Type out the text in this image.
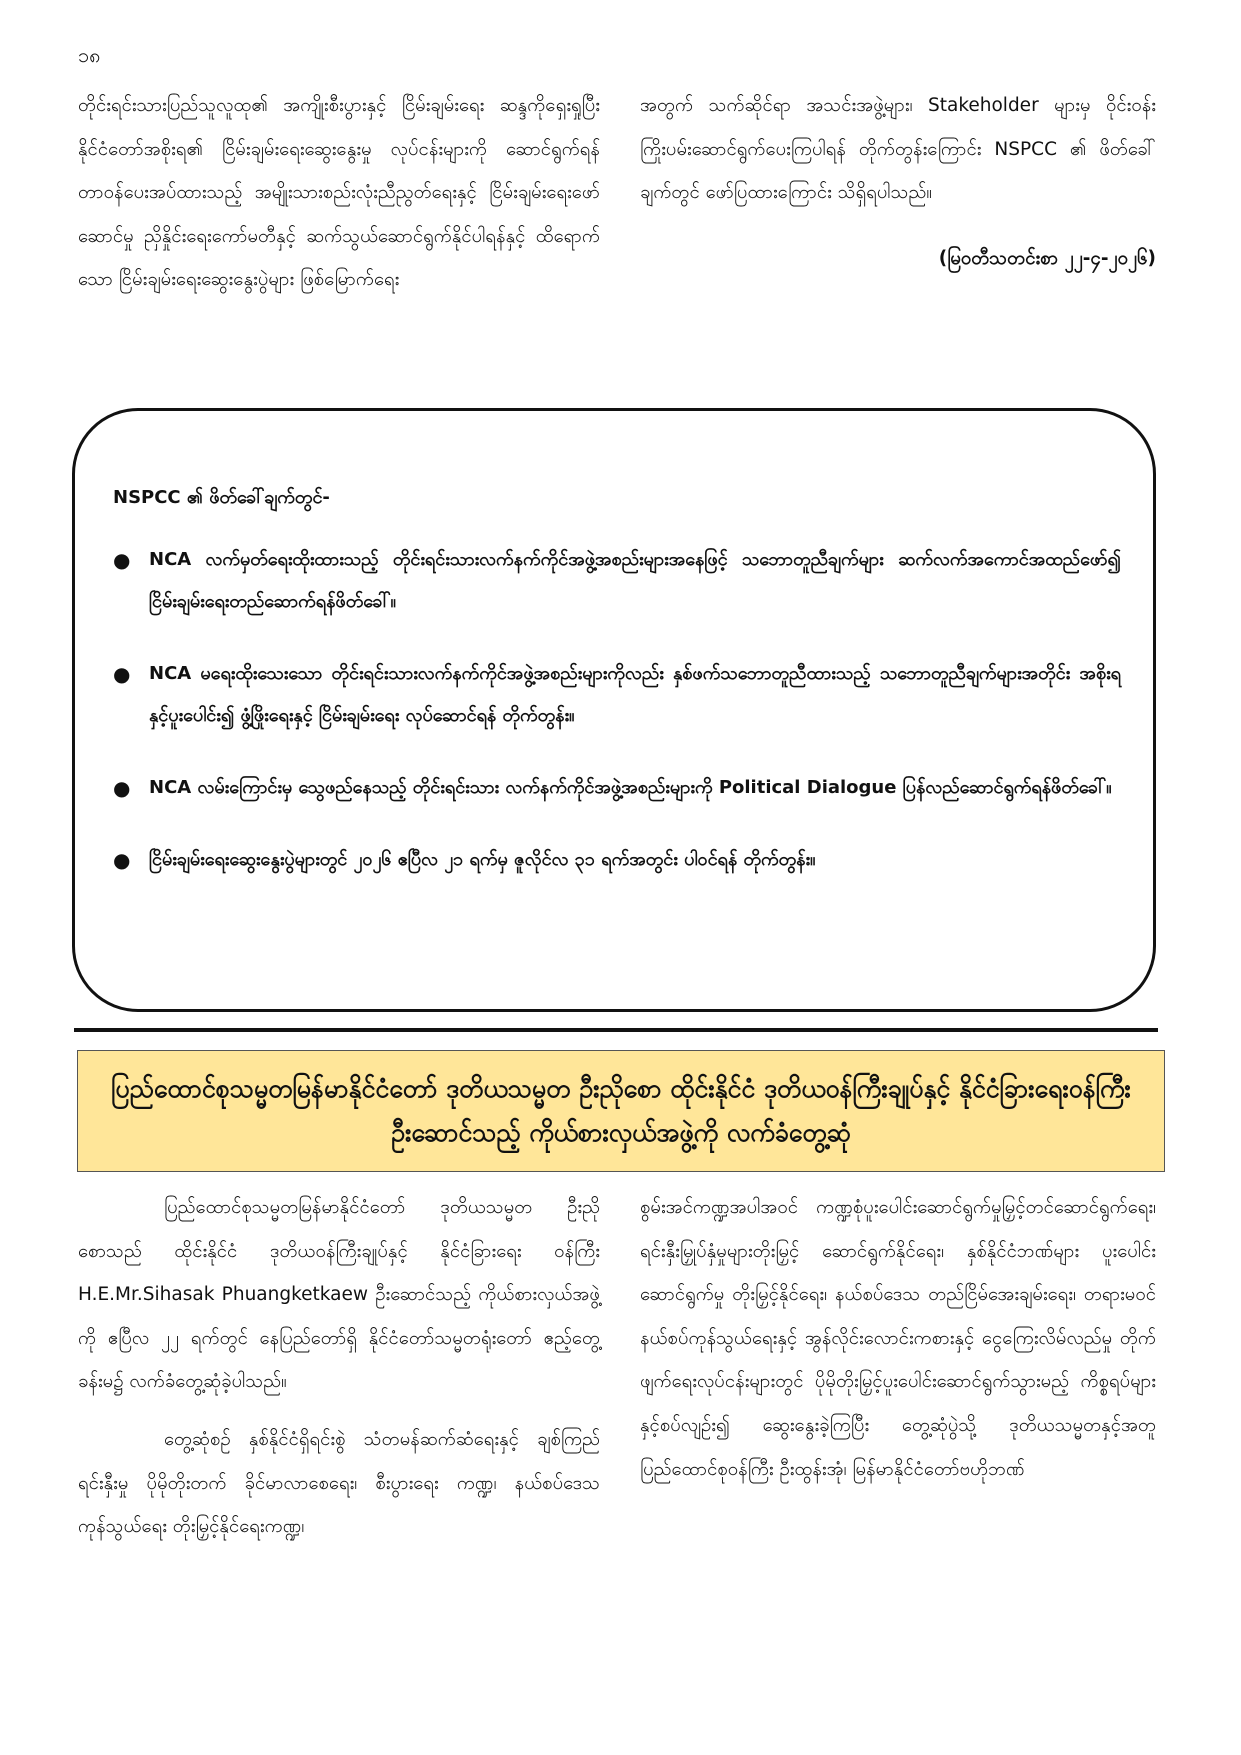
၁၈

တိုင်းရင်းသားပြည်သူလူထု၏ အကျိုးစီးပွားနှင့် ငြိမ်းချမ်းရေး ဆန္ဒကိုရှေးရှုပြီး နိုင်ငံတော်အစိုးရ၏ ငြိမ်းချမ်းရေးဆွေးနွေးမှု လုပ်ငန်းများကို ဆောင်ရွက်ရန် တာဝန်ပေးအပ်ထားသည့် အမျိုးသားစည်းလုံးညီညွတ်ရေးနှင့် ငြိမ်းချမ်းရေးဖော်ဆောင်မှု ညှိနှိုင်းရေးကော်မတီနှင့် ဆက်သွယ်ဆောင်ရွက်နိုင်ပါရန်နှင့် ထိရောက်သော ငြိမ်းချမ်းရေးဆွေးနွေးပွဲများ ဖြစ်မြောက်ရေး

အတွက် သက်ဆိုင်ရာ အသင်းအဖွဲ့များ၊ Stakeholder များမှ ဝိုင်းဝန်းကြိုးပမ်းဆောင်ရွက်ပေးကြပါရန် တိုက်တွန်းကြောင်း NSPCC ၏ ဖိတ်ခေါ်ချက်တွင် ဖော်ပြထားကြောင်း သိရှိရပါသည်။

(မြဝတီသတင်းစာ ၂၂-၄-၂၀၂၆)

NSPCC ၏ ဖိတ်ခေါ်ချက်တွင်-
● NCA လက်မှတ်ရေးထိုးထားသည့် တိုင်းရင်းသားလက်နက်ကိုင်အဖွဲ့အစည်းများအနေဖြင့် သဘောတူညီချက်များ ဆက်လက်အကောင်အထည်ဖော်၍ ငြိမ်းချမ်းရေးတည်ဆောက်ရန်ဖိတ်ခေါ်။
● NCA မရေးထိုးသေးသော တိုင်းရင်းသားလက်နက်ကိုင်အဖွဲ့အစည်းများကိုလည်း နှစ်ဖက်သဘောတူညီထားသည့် သဘောတူညီချက်များအတိုင်း အစိုးရနှင့်ပူးပေါင်း၍ ဖွံ့ဖြိုးရေးနှင့် ငြိမ်းချမ်းရေး လုပ်ဆောင်ရန် တိုက်တွန်း။
● NCA လမ်းကြောင်းမှ သွေဖည်နေသည့် တိုင်းရင်းသား လက်နက်ကိုင်အဖွဲ့အစည်းများကို Political Dialogue ပြန်လည်ဆောင်ရွက်ရန်ဖိတ်ခေါ်။
● ငြိမ်းချမ်းရေးဆွေးနွေးပွဲများတွင် ၂၀၂၆ ဧပြီလ ၂၁ ရက်မှ ဇူလိုင်လ ၃၁ ရက်အတွင်း ပါဝင်ရန် တိုက်တွန်း။
ပြည်ထောင်စုသမ္မတမြန်မာနိုင်ငံတော် ဒုတိယသမ္မတ ဦးညိုစော ထိုင်းနိုင်ငံ ဒုတိယဝန်ကြီးချုပ်နှင့် နိုင်ငံခြားရေးဝန်ကြီး ဦးဆောင်သည့် ကိုယ်စားလှယ်အဖွဲ့ကို လက်ခံတွေ့ဆုံ

ပြည်ထောင်စုသမ္မတမြန်မာနိုင်ငံတော် ဒုတိယသမ္မတ ဦးညိုစောသည် ထိုင်းနိုင်ငံ ဒုတိယဝန်ကြီးချုပ်နှင့် နိုင်ငံခြားရေး ဝန်ကြီး H.E.Mr.Sihasak Phuangketkaew ဦးဆောင်သည့် ကိုယ်စားလှယ်အဖွဲ့ကို ဧပြီလ ၂၂ ရက်တွင် နေပြည်တော်ရှိ နိုင်ငံတော်သမ္မတရုံးတော် ဧည့်တွေ့ခန်းမ၌ လက်ခံတွေ့ဆုံခဲ့ပါသည်။

တွေ့ဆုံစဉ် နှစ်နိုင်ငံရှိရင်းစွဲ သံတမန်ဆက်ဆံရေးနှင့် ချစ်ကြည်ရင်းနှီးမှု ပိုမိုတိုးတက် ခိုင်မာလာစေရေး၊ စီးပွားရေး ကဏ္ဍ၊ နယ်စပ်ဒေသကုန်သွယ်ရေး တိုးမြှင့်နိုင်ရေးကဏ္ဍ၊

စွမ်းအင်ကဏ္ဍအပါအဝင် ကဏ္ဍစုံပူးပေါင်းဆောင်ရွက်မှုမြှင့်တင်ဆောင်ရွက်ရေး၊ ရင်းနှီးမြှုပ်နှံမှုများတိုးမြှင့် ဆောင်ရွက်နိုင်ရေး၊ နှစ်နိုင်ငံဘဏ်များ ပူးပေါင်းဆောင်ရွက်မှု တိုးမြှင့်နိုင်ရေး၊ နယ်စပ်ဒေသ တည်ငြိမ်အေးချမ်းရေး၊ တရားမဝင် နယ်စပ်ကုန်သွယ်ရေးနှင့် အွန်လိုင်းလောင်းကစားနှင့် ငွေကြေးလိမ်လည်မှု တိုက်ဖျက်ရေးလုပ်ငန်းများတွင် ပိုမိုတိုးမြှင့်ပူးပေါင်းဆောင်ရွက်သွားမည့် ကိစ္စရပ်များနှင့်စပ်လျဉ်း၍ ဆွေးနွေးခဲ့ကြပြီး တွေ့ဆုံပွဲသို့ ဒုတိယသမ္မတနှင့်အတူ ပြည်ထောင်စုဝန်ကြီး ဦးထွန်းအုံ၊ မြန်မာနိုင်ငံတော်ဗဟိုဘဏ်
